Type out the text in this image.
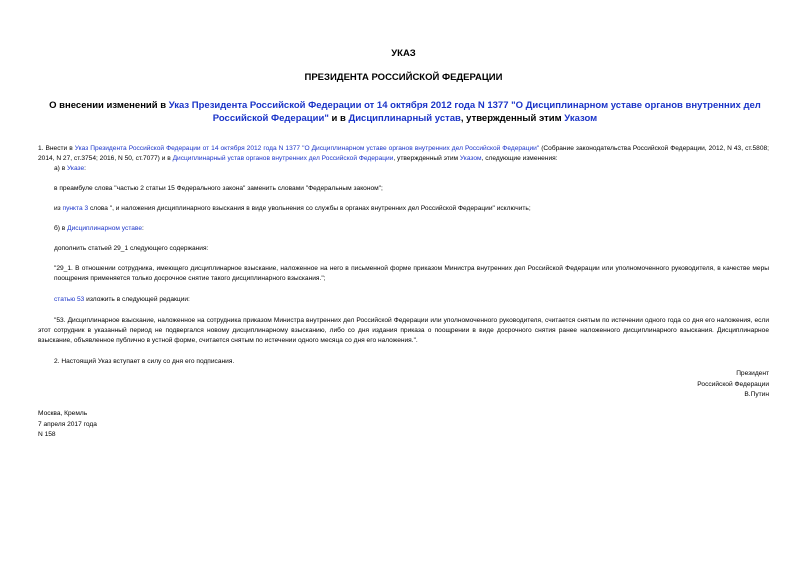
УКАЗ
ПРЕЗИДЕНТА РОССИЙСКОЙ ФЕДЕРАЦИИ
О внесении изменений в Указ Президента Российской Федерации от 14 октября 2012 года N 1377 "О Дисциплинарном уставе органов внутренних дел Российской Федерации" и в Дисциплинарный устав, утвержденный этим Указом
1. Внести в Указ Президента Российской Федерации от 14 октября 2012 года N 1377 "О Дисциплинарном уставе органов внутренних дел Российской Федерации" (Собрание законодательства Российской Федерации, 2012, N 43, ст.5808; 2014, N 27, ст.3754; 2016, N 50, ст.7077) и в Дисциплинарный устав органов внутренних дел Российской Федерации, утвержденный этим Указом, следующие изменения:
а) в Указе:
в преамбуле слова "частью 2 статьи 15 Федерального закона" заменить словами "Федеральным законом";
из пункта 3 слова ", и наложения дисциплинарного взыскания в виде увольнения со службы в органах внутренних дел Российской Федерации" исключить;
б) в Дисциплинарном уставе:
дополнить статьей 29_1 следующего содержания:
"29_1. В отношении сотрудника, имеющего дисциплинарное взыскание, наложенное на него в письменной форме приказом Министра внутренних дел Российской Федерации или уполномоченного руководителя, в качестве меры поощрения применяется только досрочное снятие такого дисциплинарного взыскания.";
статью 53 изложить в следующей редакции:
"53. Дисциплинарное взыскание, наложенное на сотрудника приказом Министра внутренних дел Российской Федерации или уполномоченного руководителя, считается снятым по истечении одного года со дня его наложения, если этот сотрудник в указанный период не подвергался новому дисциплинарному взысканию, либо со дня издания приказа о поощрении в виде досрочного снятия ранее наложенного дисциплинарного взыскания. Дисциплинарное взыскание, объявленное публично в устной форме, считается снятым по истечении одного месяца со дня его наложения.".
2. Настоящий Указ вступает в силу со дня его подписания.
Президент
Российской Федерации
В.Путин
Москва, Кремль
7 апреля 2017 года
N 158
